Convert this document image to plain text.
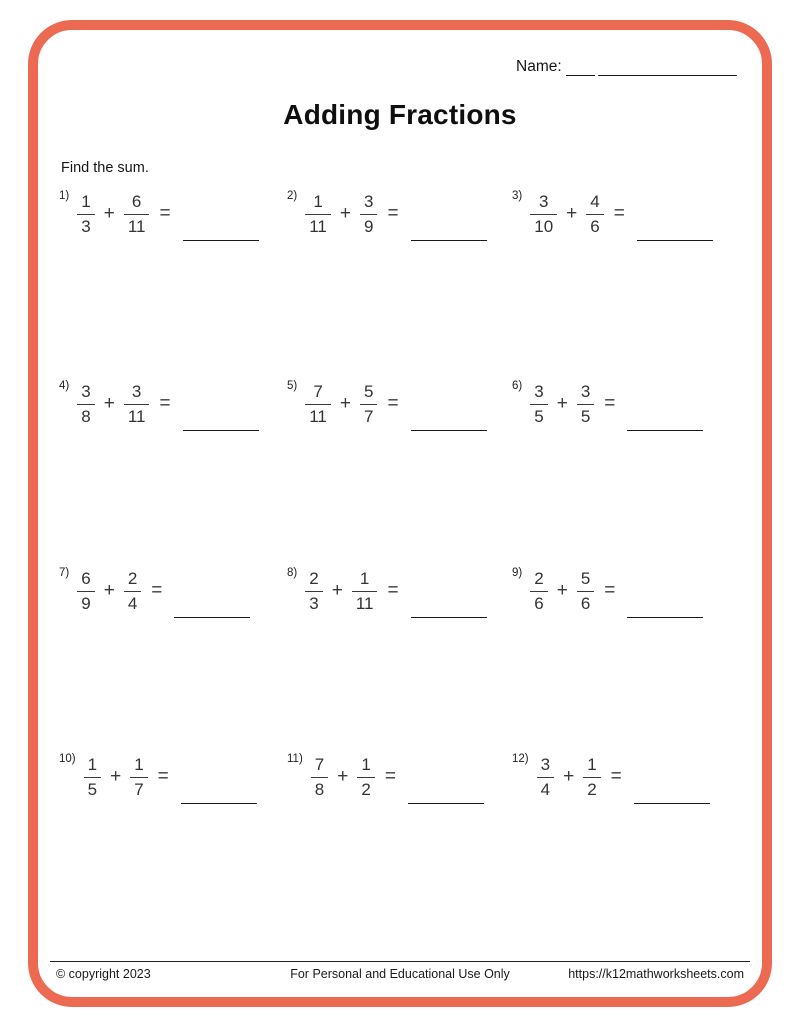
Name:
Adding Fractions
Find the sum.
$1) \frac{1}{3} + \frac{6}{11}$ =
$2) \frac{1}{11} + \frac{3}{9}$ =
$3) \frac{3}{10} + \frac{4}{6}$ =
$4) \frac{3}{8} + \frac{3}{11}$ =
$5) \frac{7}{11} + \frac{5}{7}$ =
$6) \frac{3}{5} + \frac{3}{5}$ =
$7) \frac{6}{9} + \frac{2}{4}$ =
$8) \frac{2}{3} + \frac{1}{11}$ =
$9) \frac{2}{6} + \frac{5}{6}$ =
$10) \frac{1}{5} + \frac{1}{7}$ =
$11) \frac{7}{8} + \frac{1}{2}$ =
$12) \frac{3}{4} + \frac{1}{2}$ =
© copyright 2023	For Personal and Educational Use Only	https://k12mathworksheets.com
